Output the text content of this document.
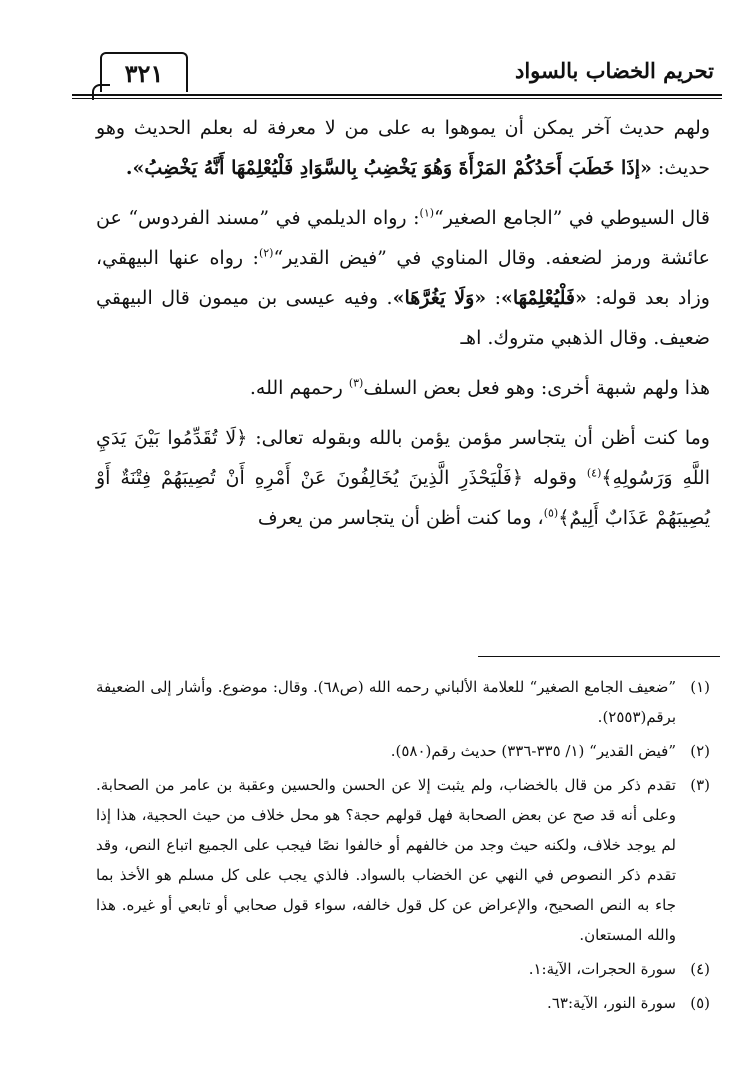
تحريم الخضاب بالسواد
٣٢١

ولهم حديث آخر يمكن أن يموهوا به على من لا معرفة له بعلم الحديث وهو حديث: «إذَا خَطَبَ أَحَدُكُمْ المَرْأَةَ وَهُوَ يَخْضِبُ بِالسَّوَادِ فَلْيُعْلِمْهَا أَنَّهُ يَخْضِبُ».

قال السيوطي في ”الجامع الصغير“$^{(١)}$: رواه الديلمي في ”مسند الفردوس“ عن عائشة ورمز لضعفه. وقال المناوي في ”فيض القدير“$^{(٢)}$: رواه عنها البيهقي، وزاد بعد قوله: «فَلْيُعْلِمْهَا»: «وَلَا يَغُرَّهَا». وفيه عيسى بن ميمون قال البيهقي ضعيف. وقال الذهبي متروك. اهـ

هذا ولهم شبهة أخرى: وهو فعل بعض السلف$^{(٣)}$ رحمهم الله.

وما كنت أظن أن يتجاسر مؤمن يؤمن بالله وبقوله تعالى: ﴿لَا تُقَدِّمُوا بَيْنَ يَدَيِ اللَّهِ وَرَسُولِهِ﴾$^{(٤)}$ وقوله ﴿فَلْيَحْذَرِ الَّذِينَ يُخَالِفُونَ عَنْ أَمْرِهِ أَنْ تُصِيبَهُمْ فِتْنَةٌ أَوْ يُصِيبَهُمْ عَذَابٌ أَلِيمٌ﴾$^{(٥)}$، وما كنت أظن أن يتجاسر من يعرف

(١)
”ضعيف الجامع الصغير“ للعلامة الألباني رحمه الله (ص٦٨). وقال: موضوع. وأشار إلى الضعيفة برقم(٢٥٥٣).
(٢)
”فيض القدير“ (١/ ٣٣٥-٣٣٦) حديث رقم(٥٨٠).
(٣)
تقدم ذكر من قال بالخضاب، ولم يثبت إلا عن الحسن والحسين وعقبة بن عامر من الصحابة. وعلى أنه قد صح عن بعض الصحابة فهل قولهم حجة؟ هو محل خلاف من حيث الحجية، هذا إذا لم يوجد خلاف، ولكنه حيث وجد من خالفهم أو خالفوا نصًا فيجب على الجميع اتباع النص، وقد تقدم ذكر النصوص في النهي عن الخضاب بالسواد. فالذي يجب على كل مسلم هو الأخذ بما جاء به النص الصحيح، والإعراض عن كل قول خالفه، سواء قول صحابي أو تابعي أو غيره. هذا والله المستعان.
(٤)
سورة الحجرات، الآية:١.
(٥)
سورة النور، الآية:٦٣.
